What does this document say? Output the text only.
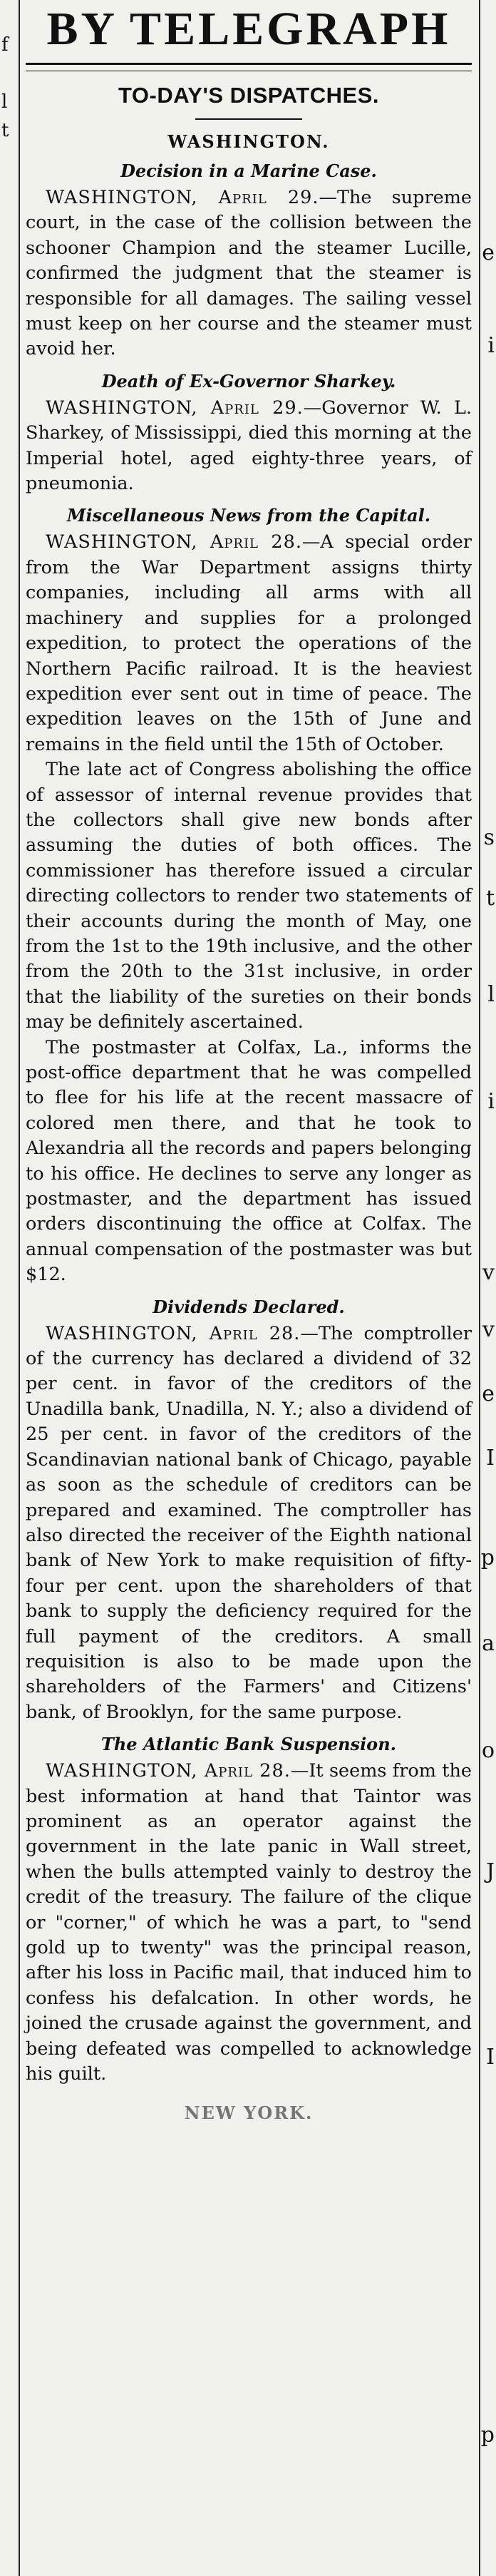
f
l
t
e
i
s
t
l
i
v
v
e
I
p
a
o
J
I
p
BY TELEGRAPH
TO-DAY'S DISPATCHES.
WASHINGTON.
Decision in a Marine Case.

WASHINGTON, April 29.—The supreme court, in the case of the collision between the schooner Champion and the steamer Lucille, confirmed the judgment that the steamer is responsible for all damages. The sailing vessel must keep on her course and the steamer must avoid her.

Death of Ex-Governor Sharkey.

WASHINGTON, April 29.—Governor W. L. Sharkey, of Mississippi, died this morning at the Imperial hotel, aged eighty-three years, of pneumonia.

Miscellaneous News from the Capital.

WASHINGTON, April 28.—A special order from the War Department assigns thirty companies, including all arms with all machinery and supplies for a prolonged expedition, to protect the operations of the Northern Pacific railroad. It is the heaviest expedition ever sent out in time of peace. The expedition leaves on the 15th of June and remains in the field until the 15th of October.

The late act of Congress abolishing the office of assessor of internal revenue provides that the collectors shall give new bonds after assuming the duties of both offices. The commissioner has therefore issued a circular directing collectors to render two statements of their accounts during the month of May, one from the 1st to the 19th inclusive, and the other from the 20th to the 31st inclusive, in order that the liability of the sureties on their bonds may be definitely ascertained.

The postmaster at Colfax, La., informs the post-office department that he was compelled to flee for his life at the recent massacre of colored men there, and that he took to Alexandria all the records and papers belonging to his office. He declines to serve any longer as postmaster, and the department has issued orders discontinuing the office at Colfax. The annual compensation of the postmaster was but $12.

Dividends Declared.

WASHINGTON, April 28.—The comptroller of the currency has declared a dividend of 32 per cent. in favor of the creditors of the Unadilla bank, Unadilla, N. Y.; also a dividend of 25 per cent. in favor of the creditors of the Scandinavian national bank of Chicago, payable as soon as the schedule of creditors can be prepared and examined. The comptroller has also directed the receiver of the Eighth national bank of New York to make requisition of fifty-four per cent. upon the shareholders of that bank to supply the deficiency required for the full payment of the creditors. A small requisition is also to be made upon the shareholders of the Farmers' and Citizens' bank, of Brooklyn, for the same purpose.

The Atlantic Bank Suspension.

WASHINGTON, April 28.—It seems from the best information at hand that Taintor was prominent as an operator against the government in the late panic in Wall street, when the bulls attempted vainly to destroy the credit of the treasury. The failure of the clique or "corner," of which he was a part, to "send gold up to twenty" was the principal reason, after his loss in Pacific mail, that induced him to confess his defalcation. In other words, he joined the crusade against the government, and being defeated was compelled to acknowledge his guilt.

NEW YORK.
